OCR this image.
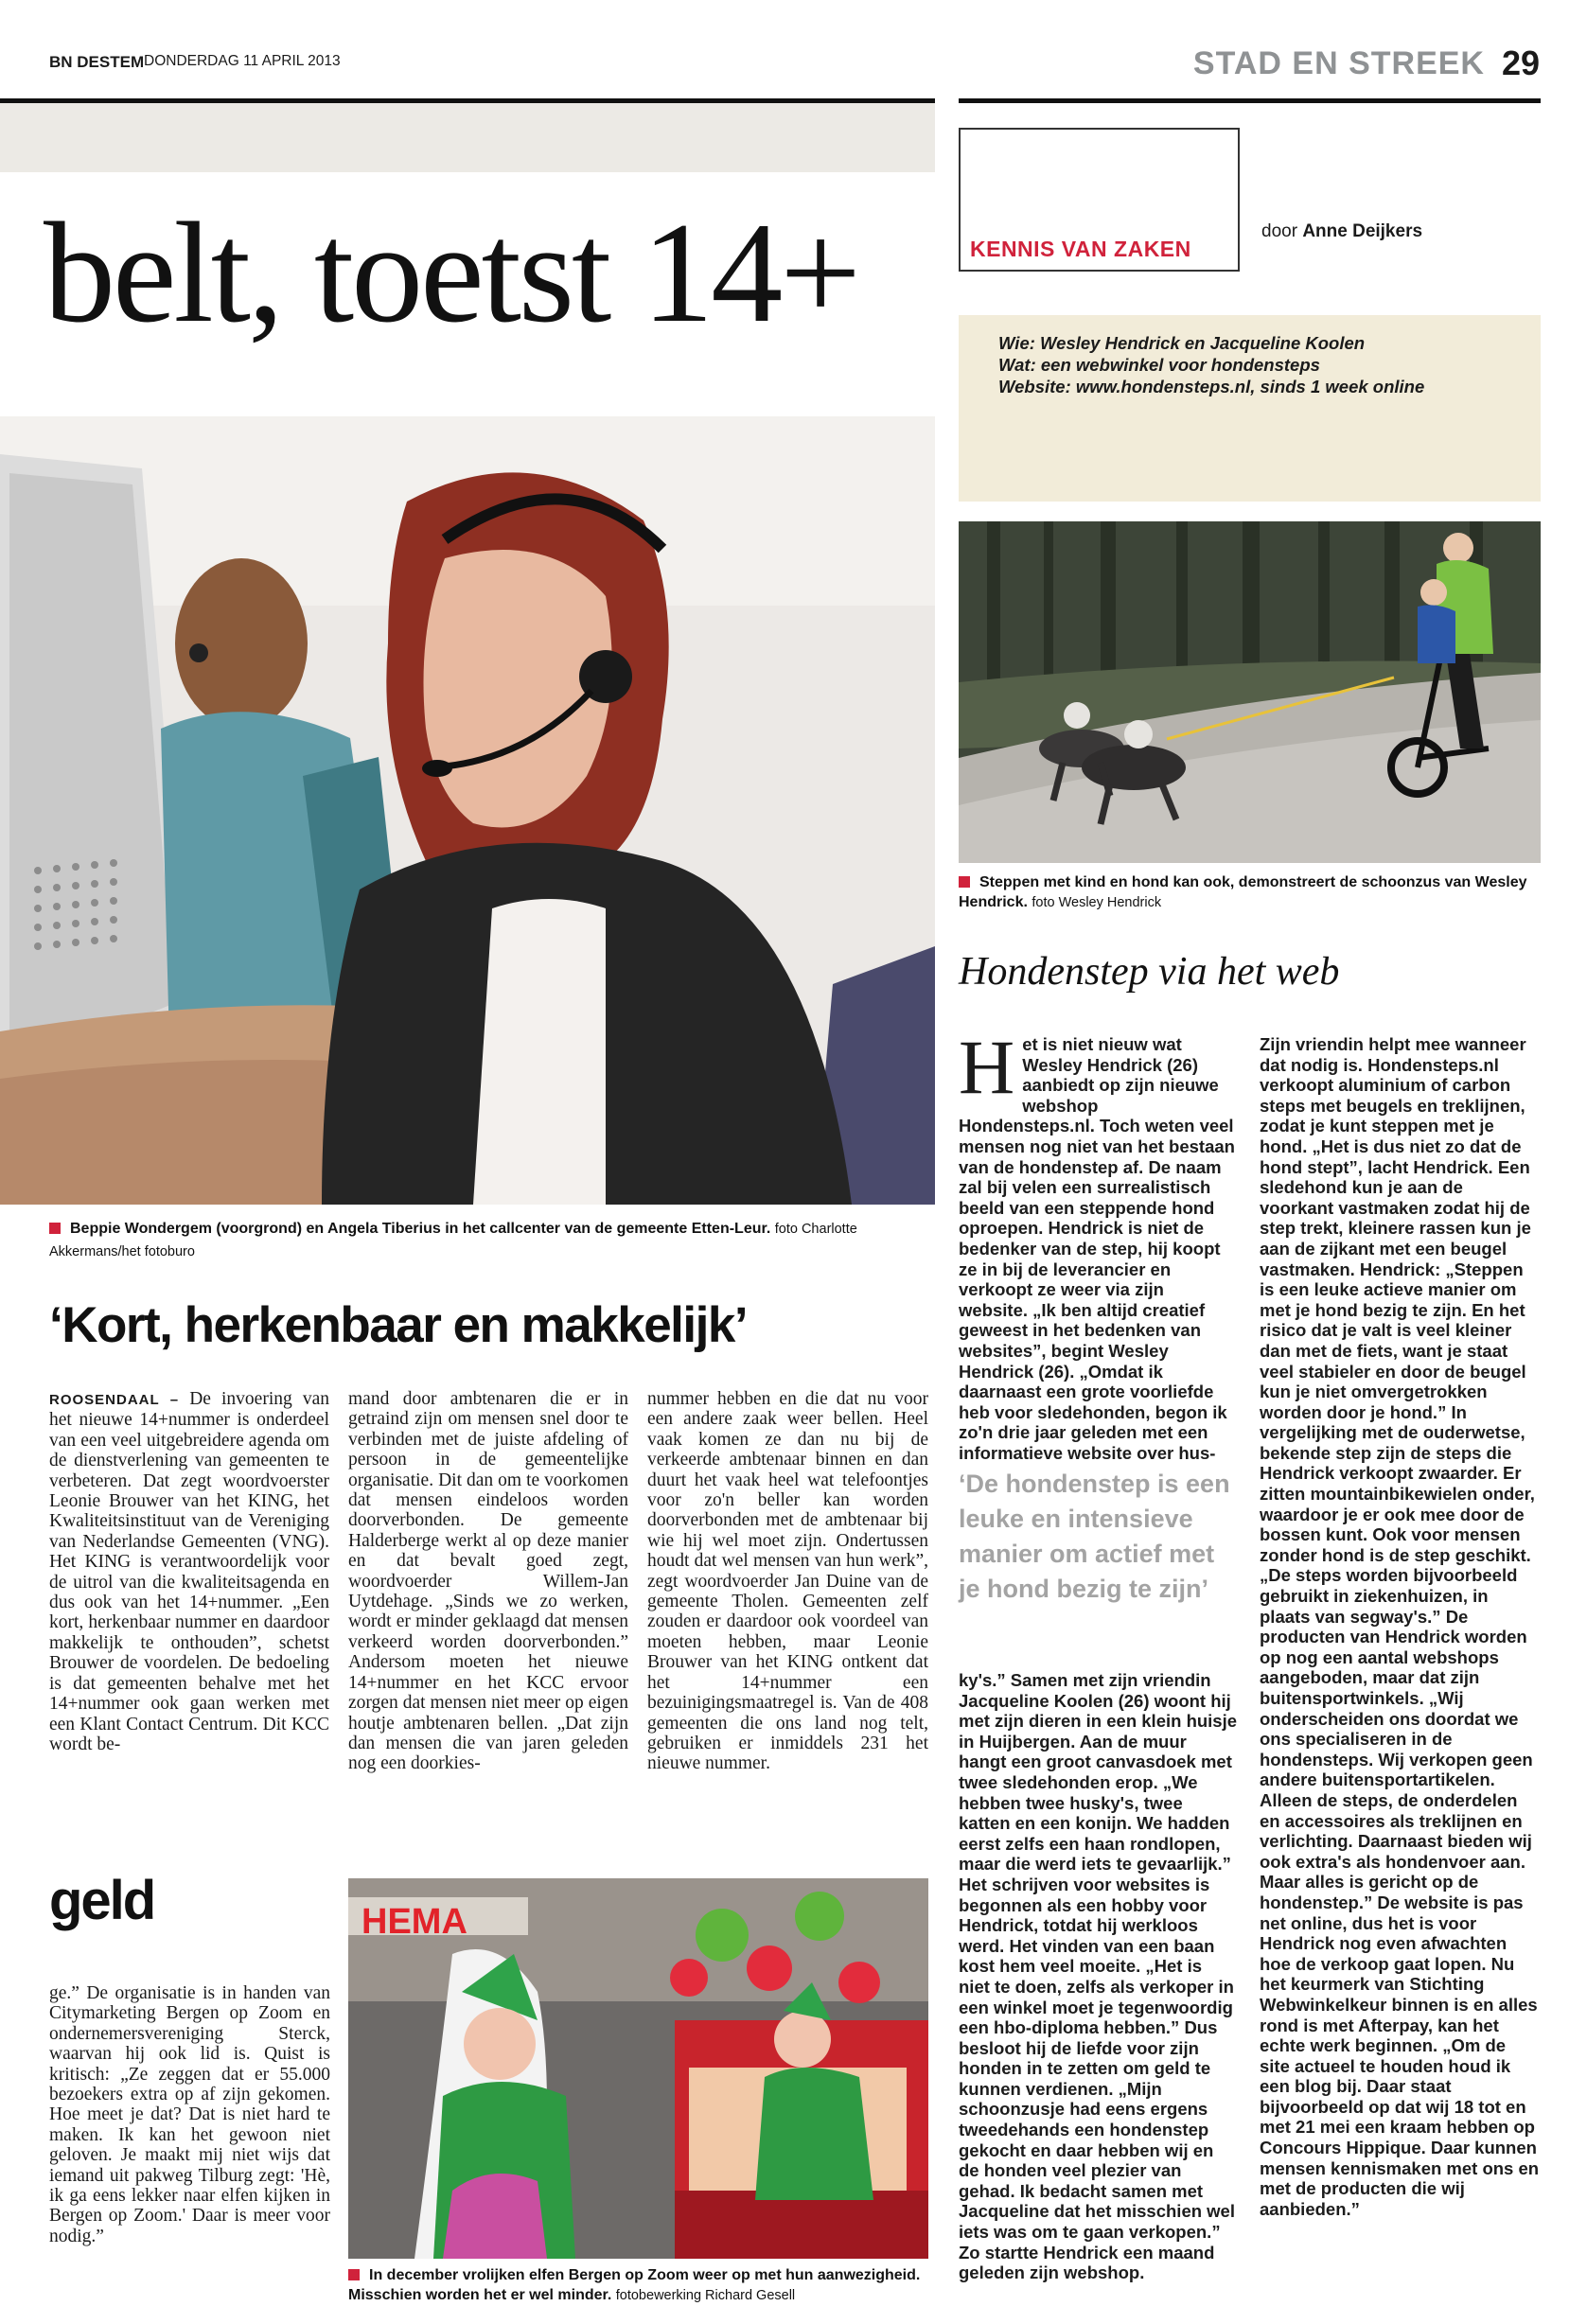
BN DESTEM DONDERDAG 11 APRIL 2013	STAD EN STREEK 29
belt, toetst 14+
Beppie Wondergem (voorgrond) en Angela Tiberius in het callcenter van de gemeente Etten-Leur. foto Charlotte Akkermans/het fotoburo
‘Kort, herkenbaar en makkelijk’

ROOSENDAAL – De invoering van het nieuwe 14+nummer is onderdeel van een veel uitgebreidere agenda om de dienstverlening van gemeenten te verbeteren. Dat zegt woordvoerster Leonie Brouwer van het KING, het Kwaliteitsinstituut van de Vereniging van Nederlandse Gemeenten (VNG). Het KING is verantwoordelijk voor de uitrol van die kwaliteitsagenda en dus ook van het 14+nummer. „Een kort, herkenbaar nummer en daardoor makkelijk te onthouden”, schetst Brouwer de voordelen. De bedoeling is dat gemeenten behalve met het 14+nummer ook gaan werken met een Klant Contact Centrum. Dit KCC wordt be-

mand door ambtenaren die er in getraind zijn om mensen snel door te verbinden met de juiste afdeling of persoon in de gemeentelijke organisatie. Dit dan om te voorkomen dat mensen eindeloos worden doorverbonden. De gemeente Halderberge werkt al op deze manier en dat bevalt goed zegt, woordvoerder Willem-Jan Uytdehage. „Sinds we zo werken, wordt er minder geklaagd dat mensen verkeerd worden doorverbonden.” Andersom moeten het nieuwe 14+nummer en het KCC ervoor zorgen dat mensen niet meer op eigen houtje ambtenaren bellen. „Dat zijn dan mensen die van jaren geleden nog een doorkies-

nummer hebben en die dat nu voor een andere zaak weer bellen. Heel vaak komen ze dan nu bij de verkeerde ambtenaar binnen en dan duurt het vaak heel wat telefoontjes voor zo'n beller kan worden doorverbonden met de ambtenaar bij wie hij wel moet zijn. Ondertussen houdt dat wel mensen van hun werk”, zegt woordvoerder Jan Duine van de gemeente Tholen. Gemeenten zelf zouden er daardoor ook voordeel van moeten hebben, maar Leonie Brouwer van het KING ontkent dat het 14+nummer een bezuinigingsmaatregel is. Van de 408 gemeenten die ons land nog telt, gebruiken er inmiddels 231 het nieuwe nummer.

geld

ge.” De organisatie is in handen van Citymarketing Bergen op Zoom en ondernemersvereniging Sterck, waarvan hij ook lid is. Quist is kritisch: „Ze zeggen dat er 55.000 bezoekers extra op af zijn gekomen. Hoe meet je dat? Dat is niet hard te maken. Ik kan het gewoon niet geloven. Je maakt mij niet wijs dat iemand uit pakweg Tilburg zegt: 'Hè, ik ga eens lekker naar elfen kijken in Bergen op Zoom.' Daar is meer voor nodig.”

HEMA
In december vrolijken elfen Bergen op Zoom weer op met hun aanwezigheid. Misschien worden het er wel minder. fotobewerking Richard Gesell
KENNIS VAN ZAKEN
door Anne Deijkers
Wie: Wesley Hendrick en Jacqueline Koolen
Wat: een webwinkel voor hondensteps
Website: www.hondensteps.nl, sinds 1 week online
Steppen met kind en hond kan ook, demonstreert de schoonzus van Wesley Hendrick. foto Wesley Hendrick
Hondenstep via het web

Het is niet nieuw wat Wesley Hendrick (26) aanbiedt op zijn nieuwe webshop Hondensteps.nl. Toch weten veel mensen nog niet van het bestaan van de hondenstep af. De naam zal bij velen een surrealistisch beeld van een steppende hond oproepen. Hendrick is niet de bedenker van de step, hij koopt ze in bij de leverancier en verkoopt ze weer via zijn website. „Ik ben altijd creatief geweest in het bedenken van websites”, begint Wesley Hendrick (26). „Omdat ik daarnaast een grote voorliefde heb voor sledehonden, begon ik zo'n drie jaar geleden met een informatieve website over hus-

‘De hondenstep is een leuke en intensieve manier om actief met je hond bezig te zijn’

ky's.” Samen met zijn vriendin Jacqueline Koolen (26) woont hij met zijn dieren in een klein huisje in Huijbergen. Aan de muur hangt een groot canvasdoek met twee sledehonden erop. „We hebben twee husky's, twee katten en een konijn. We hadden eerst zelfs een haan rondlopen, maar die werd iets te gevaarlijk.” Het schrijven voor websites is begonnen als een hobby voor Hendrick, totdat hij werkloos werd. Het vinden van een baan kost hem veel moeite. „Het is niet te doen, zelfs als verkoper in een winkel moet je tegenwoordig een hbo-diploma hebben.” Dus besloot hij de liefde voor zijn honden in te zetten om geld te kunnen verdienen. „Mijn schoonzusje had eens ergens tweedehands een hondenstep gekocht en daar hebben wij en de honden veel plezier van gehad. Ik bedacht samen met Jacqueline dat het misschien wel iets was om te gaan verkopen.” Zo startte Hendrick een maand geleden zijn webshop.

Zijn vriendin helpt mee wanneer dat nodig is. Hondensteps.nl verkoopt aluminium of carbon steps met beugels en treklijnen, zodat je kunt steppen met je hond. „Het is dus niet zo dat de hond stept”, lacht Hendrick. Een sledehond kun je aan de voorkant vastmaken zodat hij de step trekt, kleinere rassen kun je aan de zijkant met een beugel vastmaken. Hendrick: „Steppen is een leuke actieve manier om met je hond bezig te zijn. En het risico dat je valt is veel kleiner dan met de fiets, want je staat veel stabieler en door de beugel kun je niet omvergetrokken worden door je hond.” In vergelijking met de ouderwetse, bekende step zijn de steps die Hendrick verkoopt zwaarder. Er zitten mountainbikewielen onder, waardoor je er ook mee door de bossen kunt. Ook voor mensen zonder hond is de step geschikt. „De steps worden bijvoorbeeld gebruikt in ziekenhuizen, in plaats van segway's.” De producten van Hendrick worden op nog een aantal webshops aangeboden, maar dat zijn buitensportwinkels. „Wij onderscheiden ons doordat we ons specialiseren in de hondensteps. Wij verkopen geen andere buitensportartikelen. Alleen de steps, de onderdelen en accessoires als treklijnen en verlichting. Daarnaast bieden wij ook extra's als hondenvoer aan. Maar alles is gericht op de hondenstep.” De website is pas net online, dus het is voor Hendrick nog even afwachten hoe de verkoop gaat lopen. Nu het keurmerk van Stichting Webwinkelkeur binnen is en alles rond is met Afterpay, kan het echte werk beginnen. „Om de site actueel te houden houd ik een blog bij. Daar staat bijvoorbeeld op dat wij 18 tot en met 21 mei een kraam hebben op Concours Hippique. Daar kunnen mensen kennismaken met ons en met de producten die wij aanbieden.”
